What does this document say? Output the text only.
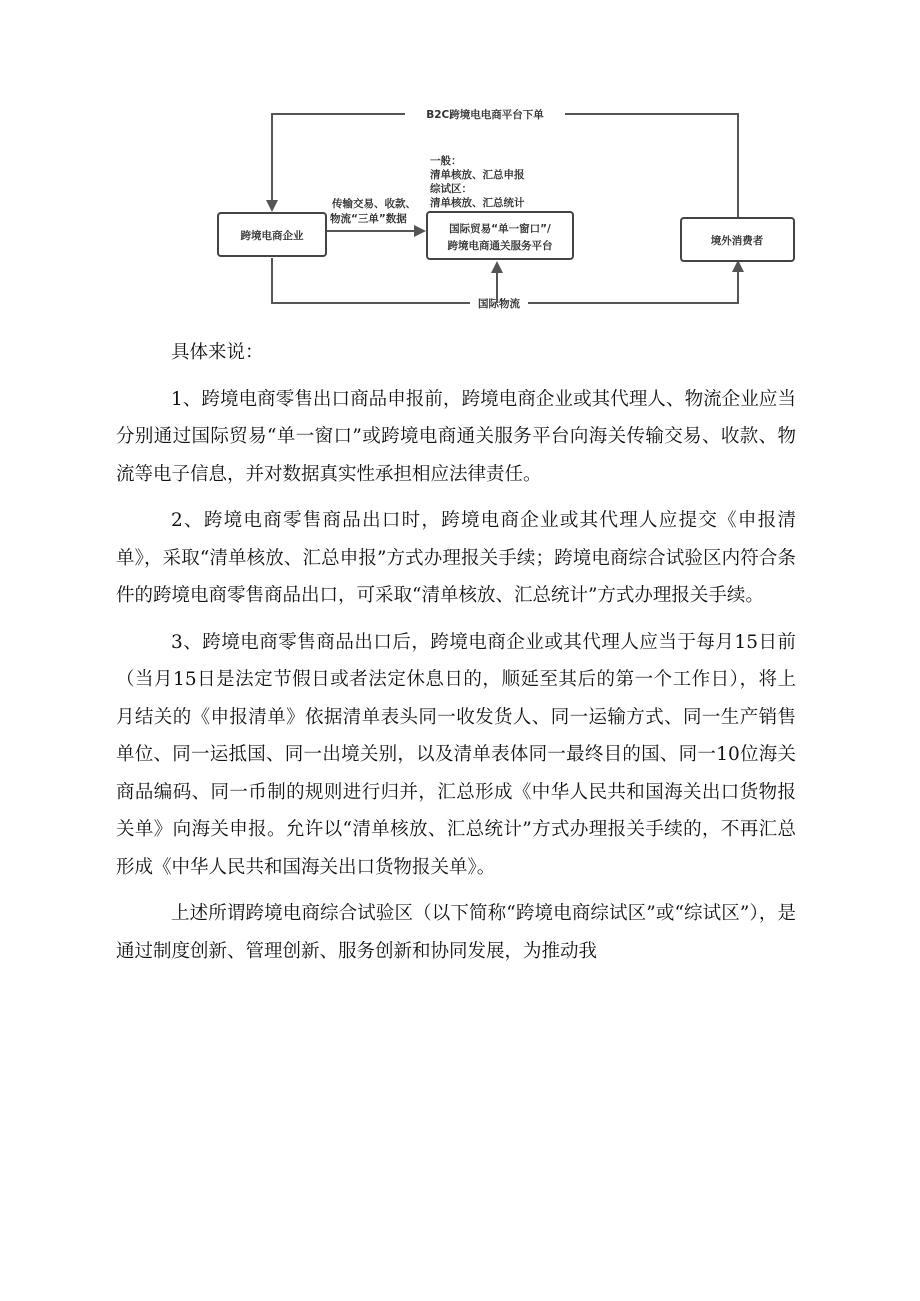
B2C跨境电电商平台下单
国际物流
传输交易、收款、
物流“三单”数据
跨境电商企业
国际贸易“单一窗口”/
跨境电商通关服务平台	境外消费者
一般：
清单核放、汇总申报
综试区：
清单核放、汇总统计

具体来说：

1、跨境电商零售出口商品申报前，跨境电商企业或其代理人、物流企业应当分别通过国际贸易“单一窗口”或跨境电商通关服务平台向海关传输交易、收款、物流等电子信息，并对数据真实性承担相应法律责任。

2、跨境电商零售商品出口时，跨境电商企业或其代理人应提交《申报清单》，采取“清单核放、汇总申报”方式办理报关手续；跨境电商综合试验区内符合条件的跨境电商零售商品出口，可采取“清单核放、汇总统计”方式办理报关手续。

3、跨境电商零售商品出口后，跨境电商企业或其代理人应当于每月15日前（当月15日是法定节假日或者法定休息日的，顺延至其后的第一个工作日），将上月结关的《申报清单》依据清单表头同一收发货人、同一运输方式、同一生产销售单位、同一运抵国、同一出境关别，以及清单表体同一最终目的国、同一10位海关商品编码、同一币制的规则进行归并，汇总形成《中华人民共和国海关出口货物报关单》向海关申报。允许以“清单核放、汇总统计”方式办理报关手续的，不再汇总形成《中华人民共和国海关出口货物报关单》。

上述所谓跨境电商综合试验区（以下简称“跨境电商综试区”或“综试区”），是通过制度创新、管理创新、服务创新和协同发展，为推动我
